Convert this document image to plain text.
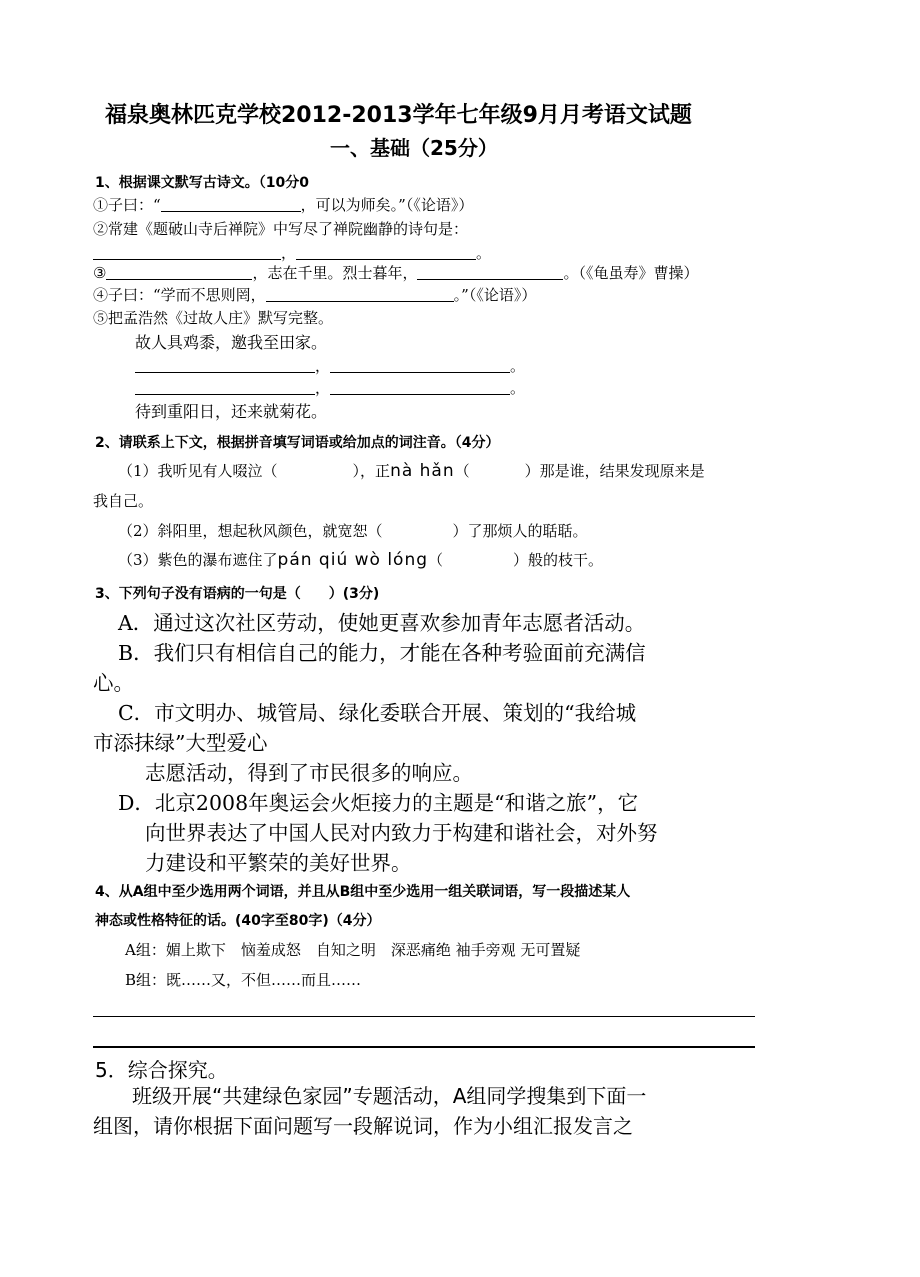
福泉奥林匹克学校2012-2013学年七年级9月月考语文试题
一、基础（25分）
1、根据课文默写古诗文。（10分0
①子曰：“	，可以为师矣。”（《论语》）
②常建《题破山寺后禅院》中写尽了禅院幽静的诗句是：
，	。
③	，志在千里。烈士暮年，	。（《龟虽寿》曹操）
④子曰：“学而不思则罔，	。”（《论语》）
⑤把孟浩然《过故人庄》默写完整。
故人具鸡黍，邀我至田家。
，	。
，	。
待到重阳日，还来就菊花。
2、请联系上下文，根据拼音填写词语或给加点的词注音。（4分）
（1）我听见有人啜泣（	），正nà hǎn（	）那是谁，结果发现原来是
我自己。
（2）斜阳里，想起秋风颜色，就宽恕（	）了那烦人的聒聒。
（3）紫色的瀑布遮住了pán qiú wò lóng（	）般的枝干。
3、下列句子没有语病的一句是（　　）(3分)
A．通过这次社区劳动，使她更喜欢参加青年志愿者活动。
B．我们只有相信自己的能力，才能在各种考验面前充满信
心。
C．市文明办、城管局、绿化委联合开展、策划的“我给城
市添抹绿”大型爱心
志愿活动，得到了市民很多的响应。
D．北京2008年奥运会火炬接力的主题是“和谐之旅”，它
向世界表达了中国人民对内致力于构建和谐社会，对外努
力建设和平繁荣的美好世界。
4、从A组中至少选用两个词语，并且从B组中至少选用一组关联词语，写一段描述某人
神态或性格特征的话。(40字至80字)（4分）
A组：媚上欺下　恼羞成怒　自知之明　深恶痛绝 袖手旁观 无可置疑
B组：既……又，不但……而且……
5．综合探究。
班级开展“共建绿色家园”专题活动，A组同学搜集到下面一
组图，请你根据下面问题写一段解说词，作为小组汇报发言之
